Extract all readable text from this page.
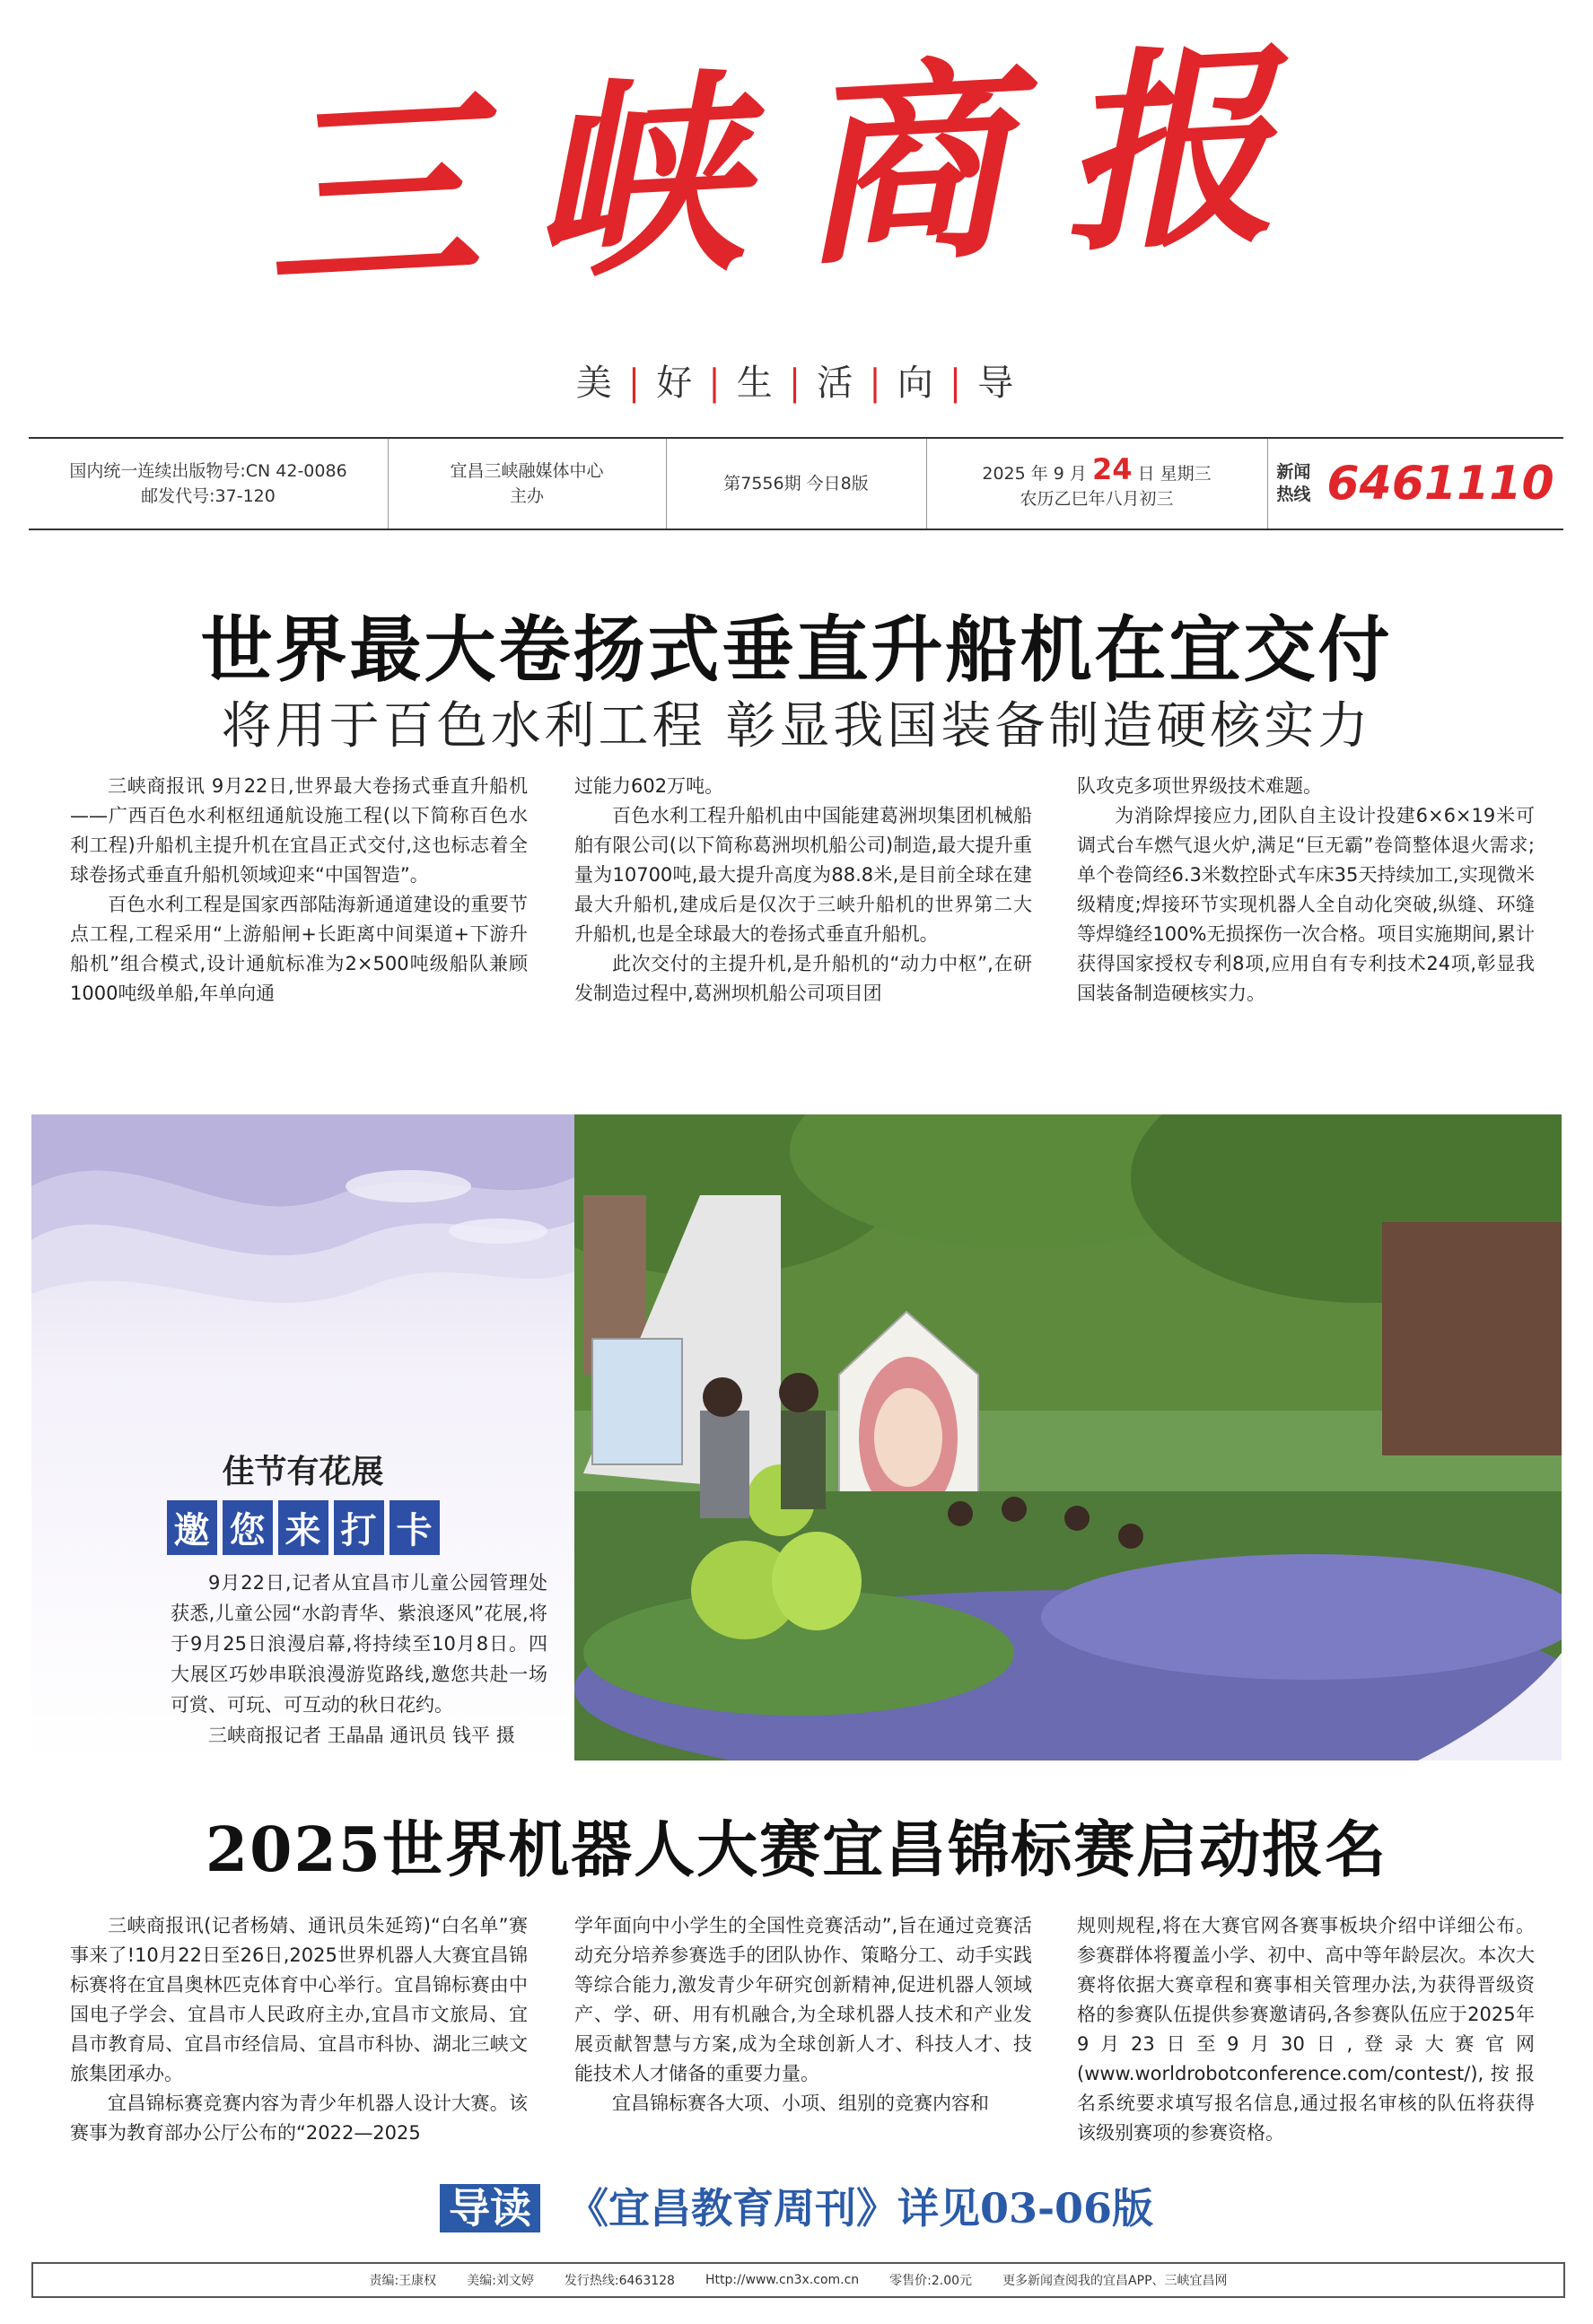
三峡商报
美 | 好 | 生 | 活 | 向 | 导
国内统一连续出版物号:CN 42-0086
邮发代号:37-120
宜昌三峡融媒体中心
主办
第7556期 今日8版
2025 年 9 月 24 日 星期三
农历乙巳年八月初三
新闻
热线 6461110
世界最大卷扬式垂直升船机在宜交付
将用于百色水利工程 彰显我国装备制造硬核实力

三峡商报讯 9月22日,世界最大卷扬式垂直升船机——广西百色水利枢纽通航设施工程(以下简称百色水利工程)升船机主提升机在宜昌正式交付,这也标志着全球卷扬式垂直升船机领域迎来“中国智造”。

百色水利工程是国家西部陆海新通道建设的重要节点工程,工程采用“上游船闸+长距离中间渠道+下游升船机”组合模式,设计通航标准为2×500吨级船队兼顾1000吨级单船,年单向通

过能力602万吨。

百色水利工程升船机由中国能建葛洲坝集团机械船舶有限公司(以下简称葛洲坝机船公司)制造,最大提升重量为10700吨,最大提升高度为88.8米,是目前全球在建最大升船机,建成后是仅次于三峡升船机的世界第二大升船机,也是全球最大的卷扬式垂直升船机。

此次交付的主提升机,是升船机的“动力中枢”,在研发制造过程中,葛洲坝机船公司项目团

队攻克多项世界级技术难题。

为消除焊接应力,团队自主设计投建6×6×19米可调式台车燃气退火炉,满足“巨无霸”卷筒整体退火需求;单个卷筒经6.3米数控卧式车床35天持续加工,实现微米级精度;焊接环节实现机器人全自动化突破,纵缝、环缝等焊缝经100%无损探伤一次合格。项目实施期间,累计获得国家授权专利8项,应用自有专利技术24项,彰显我国装备制造硬核实力。

佳节有花展
邀 您 来 打 卡

9月22日,记者从宜昌市儿童公园管理处获悉,儿童公园“水韵青华、紫浪逐风”花展,将于9月25日浪漫启幕,将持续至10月8日。四大展区巧妙串联浪漫游览路线,邀您共赴一场可赏、可玩、可互动的秋日花约。

三峡商报记者 王晶晶 通讯员 钱平 摄

2025世界机器人大赛宜昌锦标赛启动报名

三峡商报讯(记者杨婧、通讯员朱延筠)“白名单”赛事来了!10月22日至26日,2025世界机器人大赛宜昌锦标赛将在宜昌奥林匹克体育中心举行。宜昌锦标赛由中国电子学会、宜昌市人民政府主办,宜昌市文旅局、宜昌市教育局、宜昌市经信局、宜昌市科协、湖北三峡文旅集团承办。

宜昌锦标赛竞赛内容为青少年机器人设计大赛。该赛事为教育部办公厅公布的“2022—2025

学年面向中小学生的全国性竞赛活动”,旨在通过竞赛活动充分培养参赛选手的团队协作、策略分工、动手实践等综合能力,激发青少年研究创新精神,促进机器人领域产、学、研、用有机融合,为全球机器人技术和产业发展贡献智慧与方案,成为全球创新人才、科技人才、技能技术人才储备的重要力量。

宜昌锦标赛各大项、小项、组别的竞赛内容和

规则规程,将在大赛官网各赛事板块介绍中详细公布。参赛群体将覆盖小学、初中、高中等年龄层次。本次大赛将依据大赛章程和赛事相关管理办法,为获得晋级资格的参赛队伍提供参赛邀请码,各参赛队伍应于2025年9月23日至9月30日,登录大赛官网(www.worldrobotconference.com/contest/),按报名系统要求填写报名信息,通过报名审核的队伍将获得该级别赛项的参赛资格。

导读 《宜昌教育周刊》详见03-06版
责编:王康权 美编:刘文婷 发行热线:6463128 Http://www.cn3x.com.cn 零售价:2.00元 更多新闻查阅我的宜昌APP、三峡宜昌网
